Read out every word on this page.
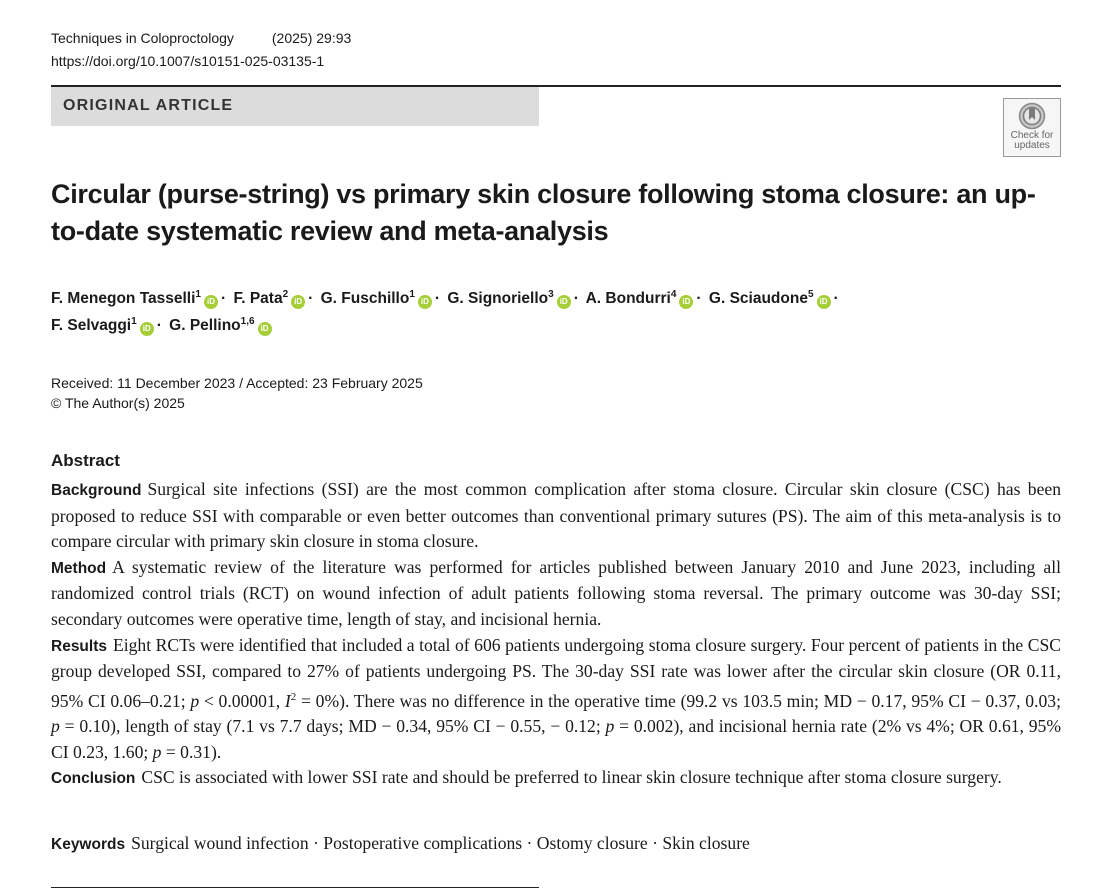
Techniques in Coloproctology	(2025) 29:93
https://doi.org/10.1007/s10151-025-03135-1
ORIGINAL ARTICLE
Check for updates
Circular (purse-string) vs primary skin closure following stoma closure: an up-to-date systematic review and meta-analysis
F. Menegon Tasselli$^1$iD · F. Pata$^2$iD · G. Fuschillo$^1$iD · G. Signoriello$^3$iD · A. Bondurri$^4$iD · G. Sciaudone$^5$iD ·
F. Selvaggi$^1$iD · G. Pellino$^{1,6}$iD
Received: 11 December 2023 / Accepted: 23 February 2025
© The Author(s) 2025
Abstract

Background Surgical site infections (SSI) are the most common complication after stoma closure. Circular skin closure (CSC) has been proposed to reduce SSI with comparable or even better outcomes than conventional primary sutures (PS). The aim of this meta-analysis is to compare circular with primary skin closure in stoma closure.

Method A systematic review of the literature was performed for articles published between January 2010 and June 2023, including all randomized control trials (RCT) on wound infection of adult patients following stoma reversal. The primary outcome was 30-day SSI; secondary outcomes were operative time, length of stay, and incisional hernia.

Results Eight RCTs were identified that included a total of 606 patients undergoing stoma closure surgery. Four percent of patients in the CSC group developed SSI, compared to 27% of patients undergoing PS. The 30-day SSI rate was lower after the circular skin closure (OR 0.11, 95% CI 0.06–0.21; p < 0.00001, $I^2 = 0\%$). There was no difference in the operative time (99.2 vs 103.5 min; MD − 0.17, 95% CI − 0.37, 0.03; p = 0.10), length of stay (7.1 vs 7.7 days; MD − 0.34, 95% CI − 0.55, − 0.12; p = 0.002), and incisional hernia rate (2% vs 4%; OR 0.61, 95% CI 0.23, 1.60; p = 0.31).

Conclusion CSC is associated with lower SSI rate and should be preferred to linear skin closure technique after stoma closure surgery.

Keywords Surgical wound infection · Postoperative complications · Ostomy closure · Skin closure
